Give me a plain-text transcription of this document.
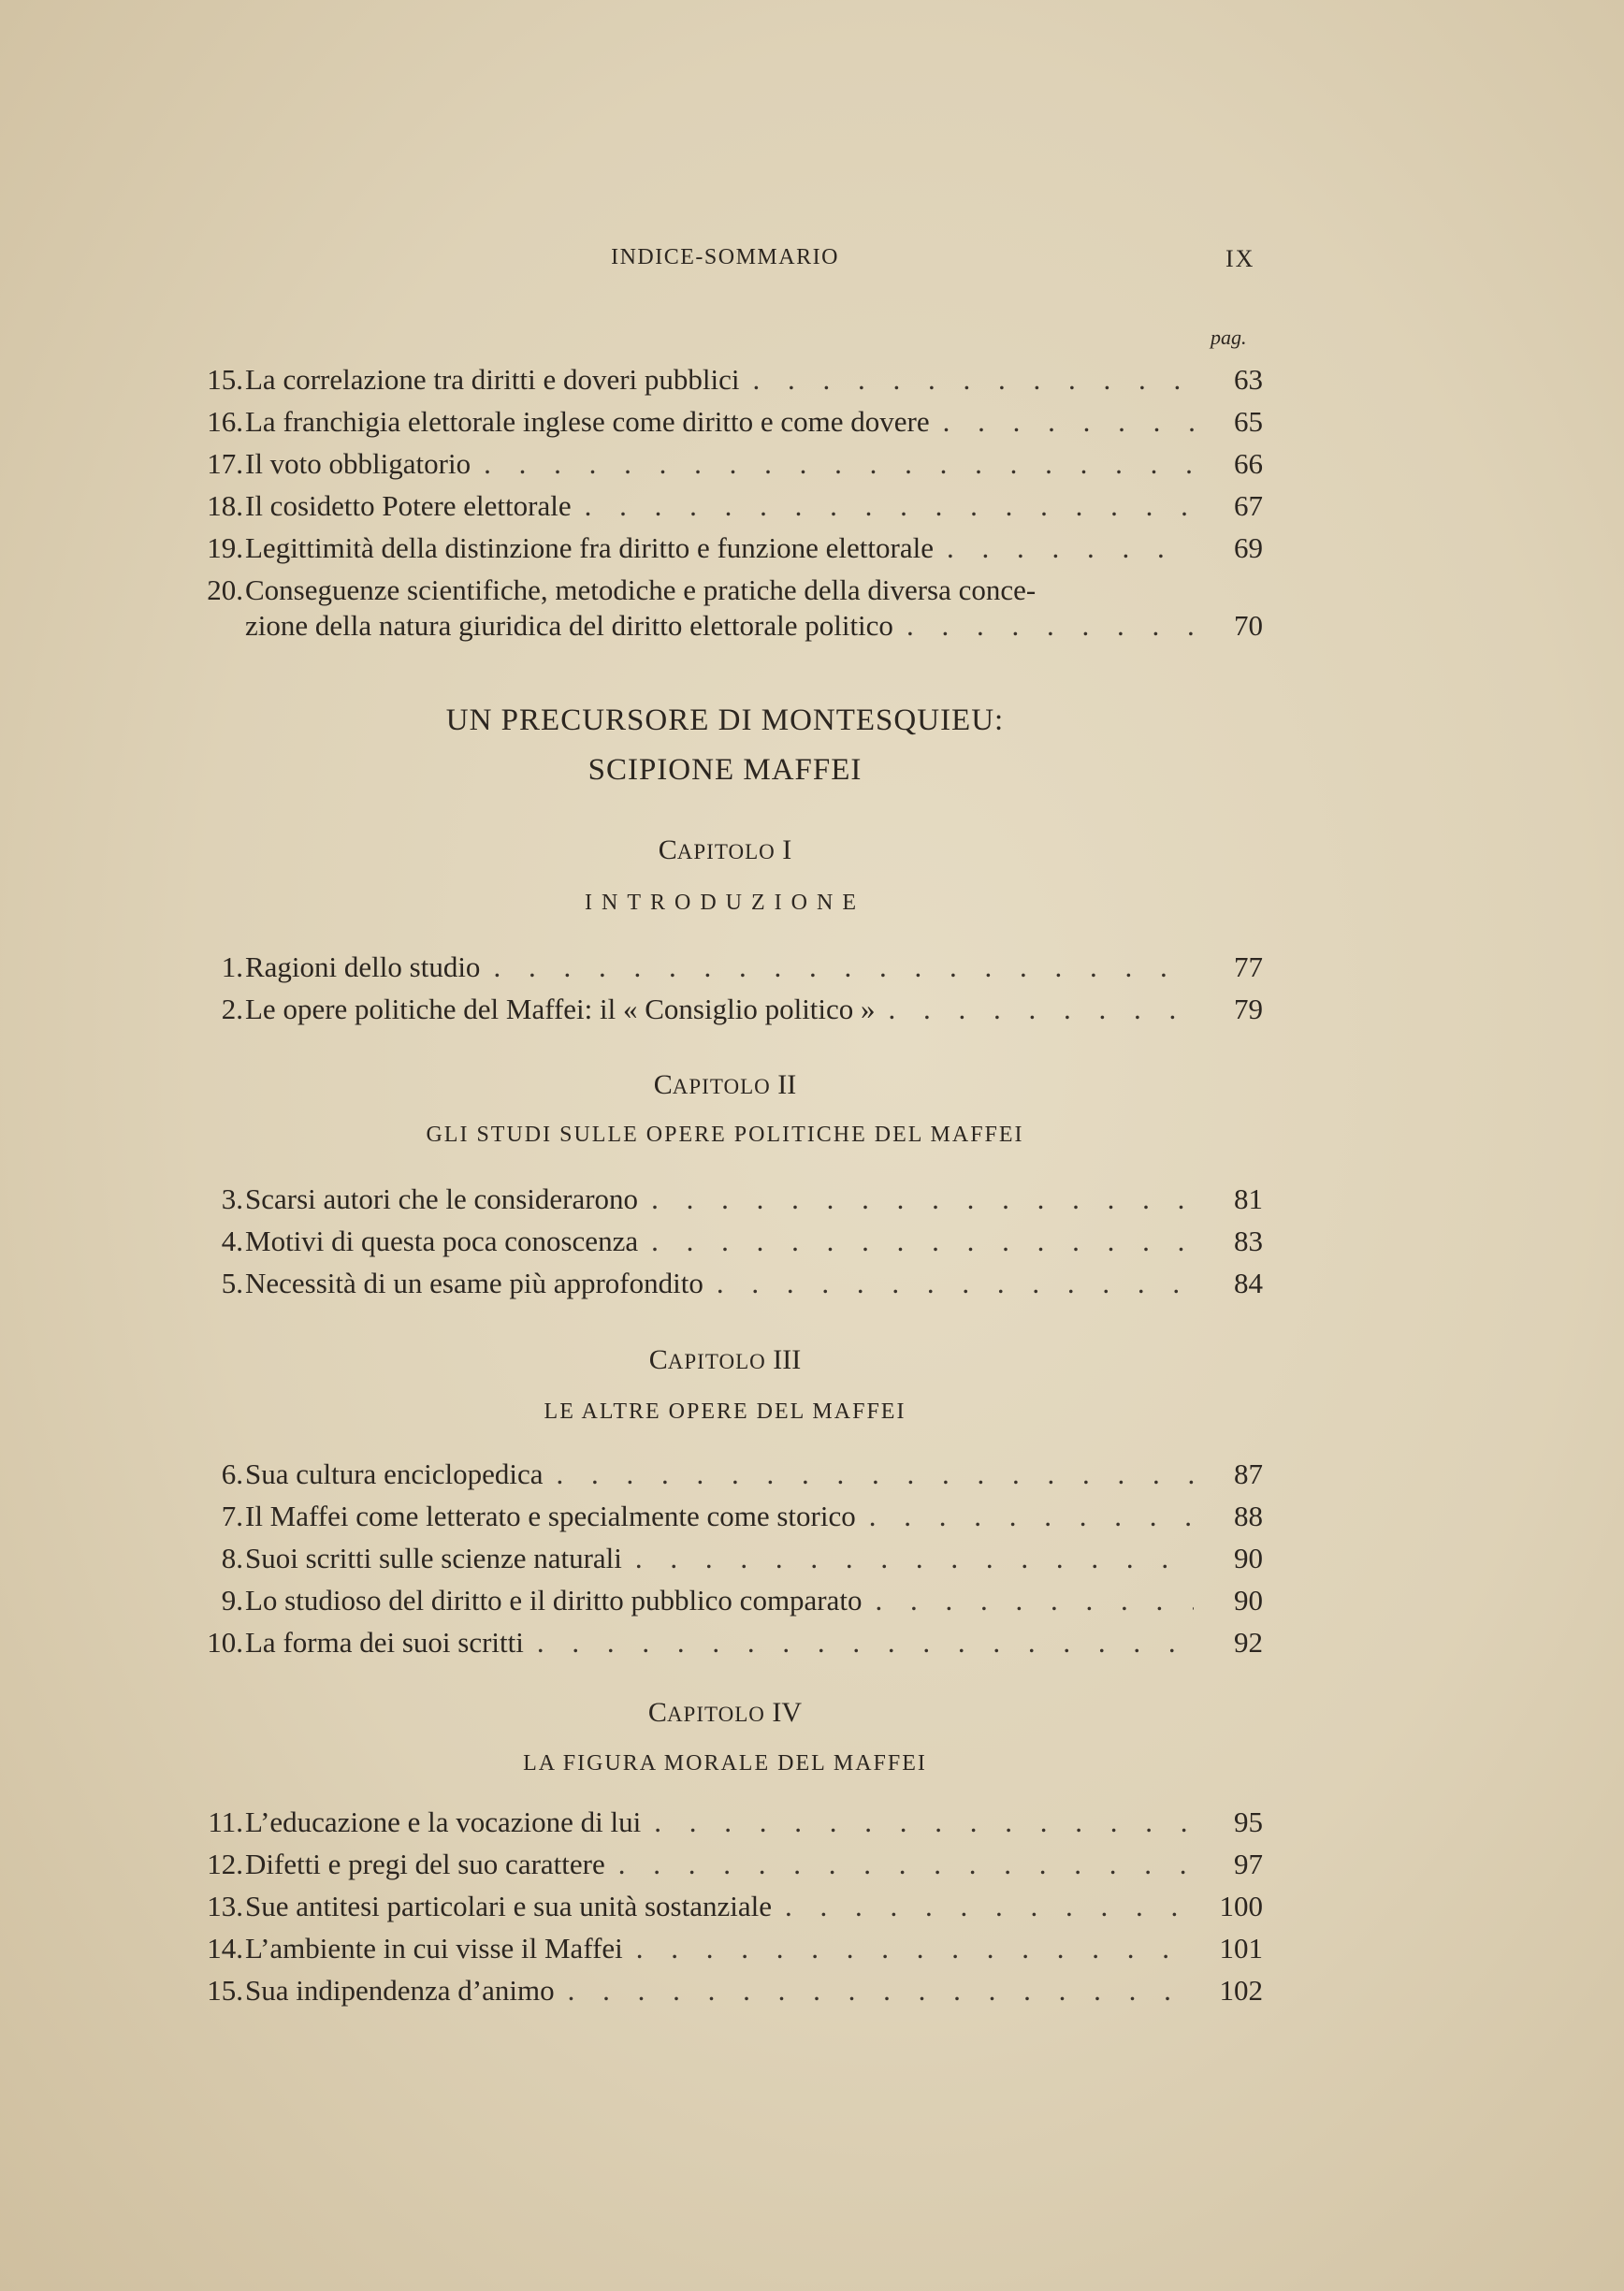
INDICE-SOMMARIO	IX
pag.
15. La correlazione tra diritti e doveri pubblici . . .	63
16. La franchigia elettorale inglese come diritto e come dovere . . .	65
17. Il voto obbligatorio . . .	66
18. Il cosidetto Potere elettorale . . .	67
19. Legittimità della distinzione fra diritto e funzione elettorale . . .	69
20. Conseguenze scientifiche, metodiche e pratiche della diversa conce-
zione della natura giuridica del diritto elettorale politico . . .	70
UN PRECURSORE DI MONTESQUIEU:
SCIPIONE MAFFEI
CAPITOLO I
INTRODUZIONE
1. Ragioni dello studio . . .	77
2. Le opere politiche del Maffei: il « Consiglio politico » . . .	79
CAPITOLO II
GLI STUDI SULLE OPERE POLITICHE DEL MAFFEI
3. Scarsi autori che le considerarono . . .	81
4. Motivi di questa poca conoscenza . . .	83
5. Necessità di un esame più approfondito . . .	84
CAPITOLO III
LE ALTRE OPERE DEL MAFFEI
6. Sua cultura enciclopedica . . .	87
7. Il Maffei come letterato e specialmente come storico . . .	88
8. Suoi scritti sulle scienze naturali . . .	90
9. Lo studioso del diritto e il diritto pubblico comparato . . .	90
10. La forma dei suoi scritti . . .	92
CAPITOLO IV
LA FIGURA MORALE DEL MAFFEI
11. L’educazione e la vocazione di lui . . .	95
12. Difetti e pregi del suo carattere . . .	97
13. Sue antitesi particolari e sua unità sostanziale . . .	100
14. L’ambiente in cui visse il Maffei . . .	101
15. Sua indipendenza d’animo . . .	102
